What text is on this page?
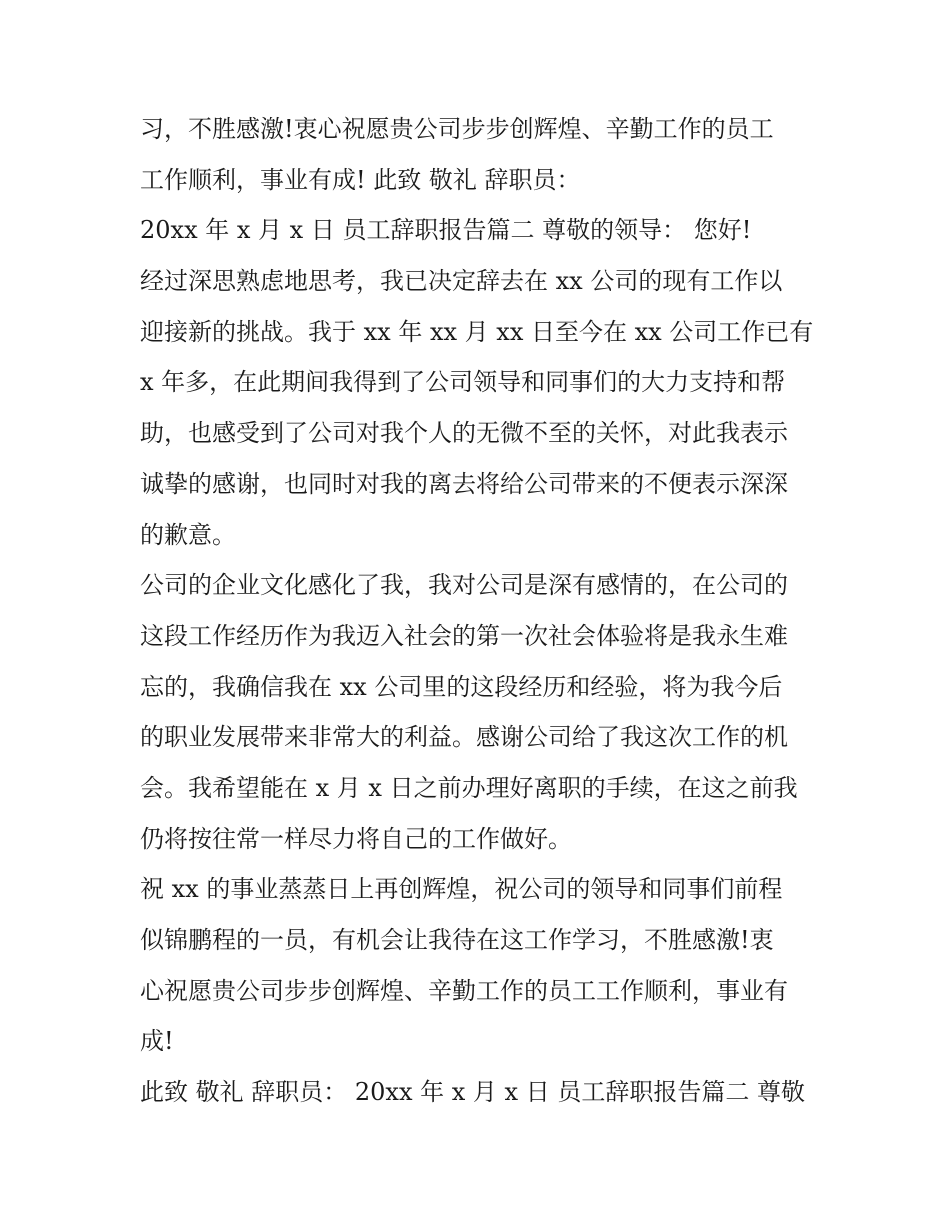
习，不胜感激!衷心祝愿贵公司步步创辉煌、辛勤工作的员工
工作顺利，事业有成! 此致 敬礼 辞职员：
20xx 年 x 月 x 日 员工辞职报告篇二 尊敬的领导： 您好!
经过深思熟虑地思考，我已决定辞去在 xx 公司的现有工作以
迎接新的挑战。我于 xx 年 xx 月 xx 日至今在 xx 公司工作已有
x 年多，在此期间我得到了公司领导和同事们的大力支持和帮
助，也感受到了公司对我个人的无微不至的关怀，对此我表示
诚挚的感谢，也同时对我的离去将给公司带来的不便表示深深
的歉意。
公司的企业文化感化了我，我对公司是深有感情的，在公司的
这段工作经历作为我迈入社会的第一次社会体验将是我永生难
忘的，我确信我在 xx 公司里的这段经历和经验，将为我今后
的职业发展带来非常大的利益。感谢公司给了我这次工作的机
会。我希望能在 x 月 x 日之前办理好离职的手续，在这之前我
仍将按往常一样尽力将自己的工作做好。
祝 xx 的事业蒸蒸日上再创辉煌，祝公司的领导和同事们前程
似锦鹏程的一员，有机会让我待在这工作学习，不胜感激!衷
心祝愿贵公司步步创辉煌、辛勤工作的员工工作顺利，事业有
成!
此致 敬礼 辞职员： 20xx 年 x 月 x 日 员工辞职报告篇二 尊敬
